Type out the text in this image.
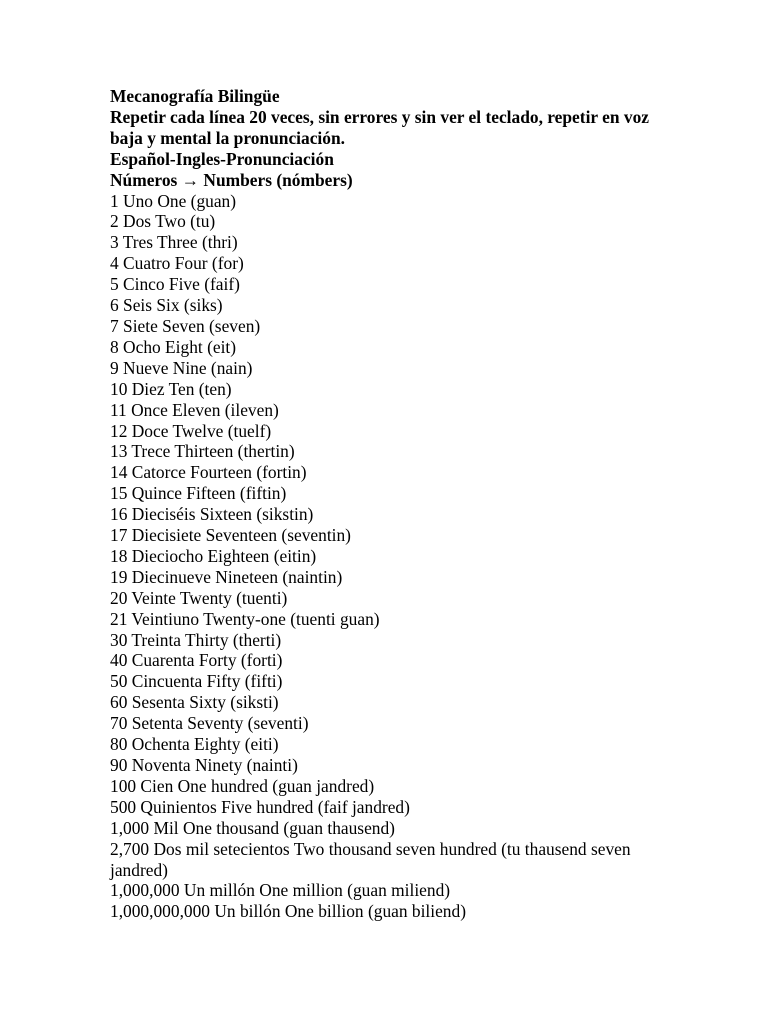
Mecanografía Bilingüe

Repetir cada línea 20 veces, sin errores y sin ver el teclado, repetir en voz baja y mental la pronunciación.

Español-Ingles-Pronunciación

Números → Numbers (nómbers)

1 Uno One (guan)

2 Dos Two (tu)

3 Tres Three (thri)

4 Cuatro Four (for)

5 Cinco Five (faif)

6 Seis Six (siks)

7 Siete Seven (seven)

8 Ocho Eight (eit)

9 Nueve Nine (nain)

10 Diez Ten (ten)

11 Once Eleven (ileven)

12 Doce Twelve (tuelf)

13 Trece Thirteen (thertin)

14 Catorce Fourteen (fortin)

15 Quince Fifteen (fiftin)

16 Dieciséis Sixteen (sikstin)

17 Diecisiete Seventeen (seventin)

18 Dieciocho Eighteen (eitin)

19 Diecinueve Nineteen (naintin)

20 Veinte Twenty (tuenti)

21 Veintiuno Twenty-one (tuenti guan)

30 Treinta Thirty (therti)

40 Cuarenta Forty (forti)

50 Cincuenta Fifty (fifti)

60 Sesenta Sixty (siksti)

70 Setenta Seventy (seventi)

80 Ochenta Eighty (eiti)

90 Noventa Ninety (nainti)

100 Cien One hundred (guan jandred)

500 Quinientos Five hundred (faif jandred)

1,000 Mil One thousand (guan thausend)

2,700 Dos mil setecientos Two thousand seven hundred (tu thausend seven jandred)

1,000,000 Un millón One million (guan miliend)

1,000,000,000 Un billón One billion (guan biliend)
